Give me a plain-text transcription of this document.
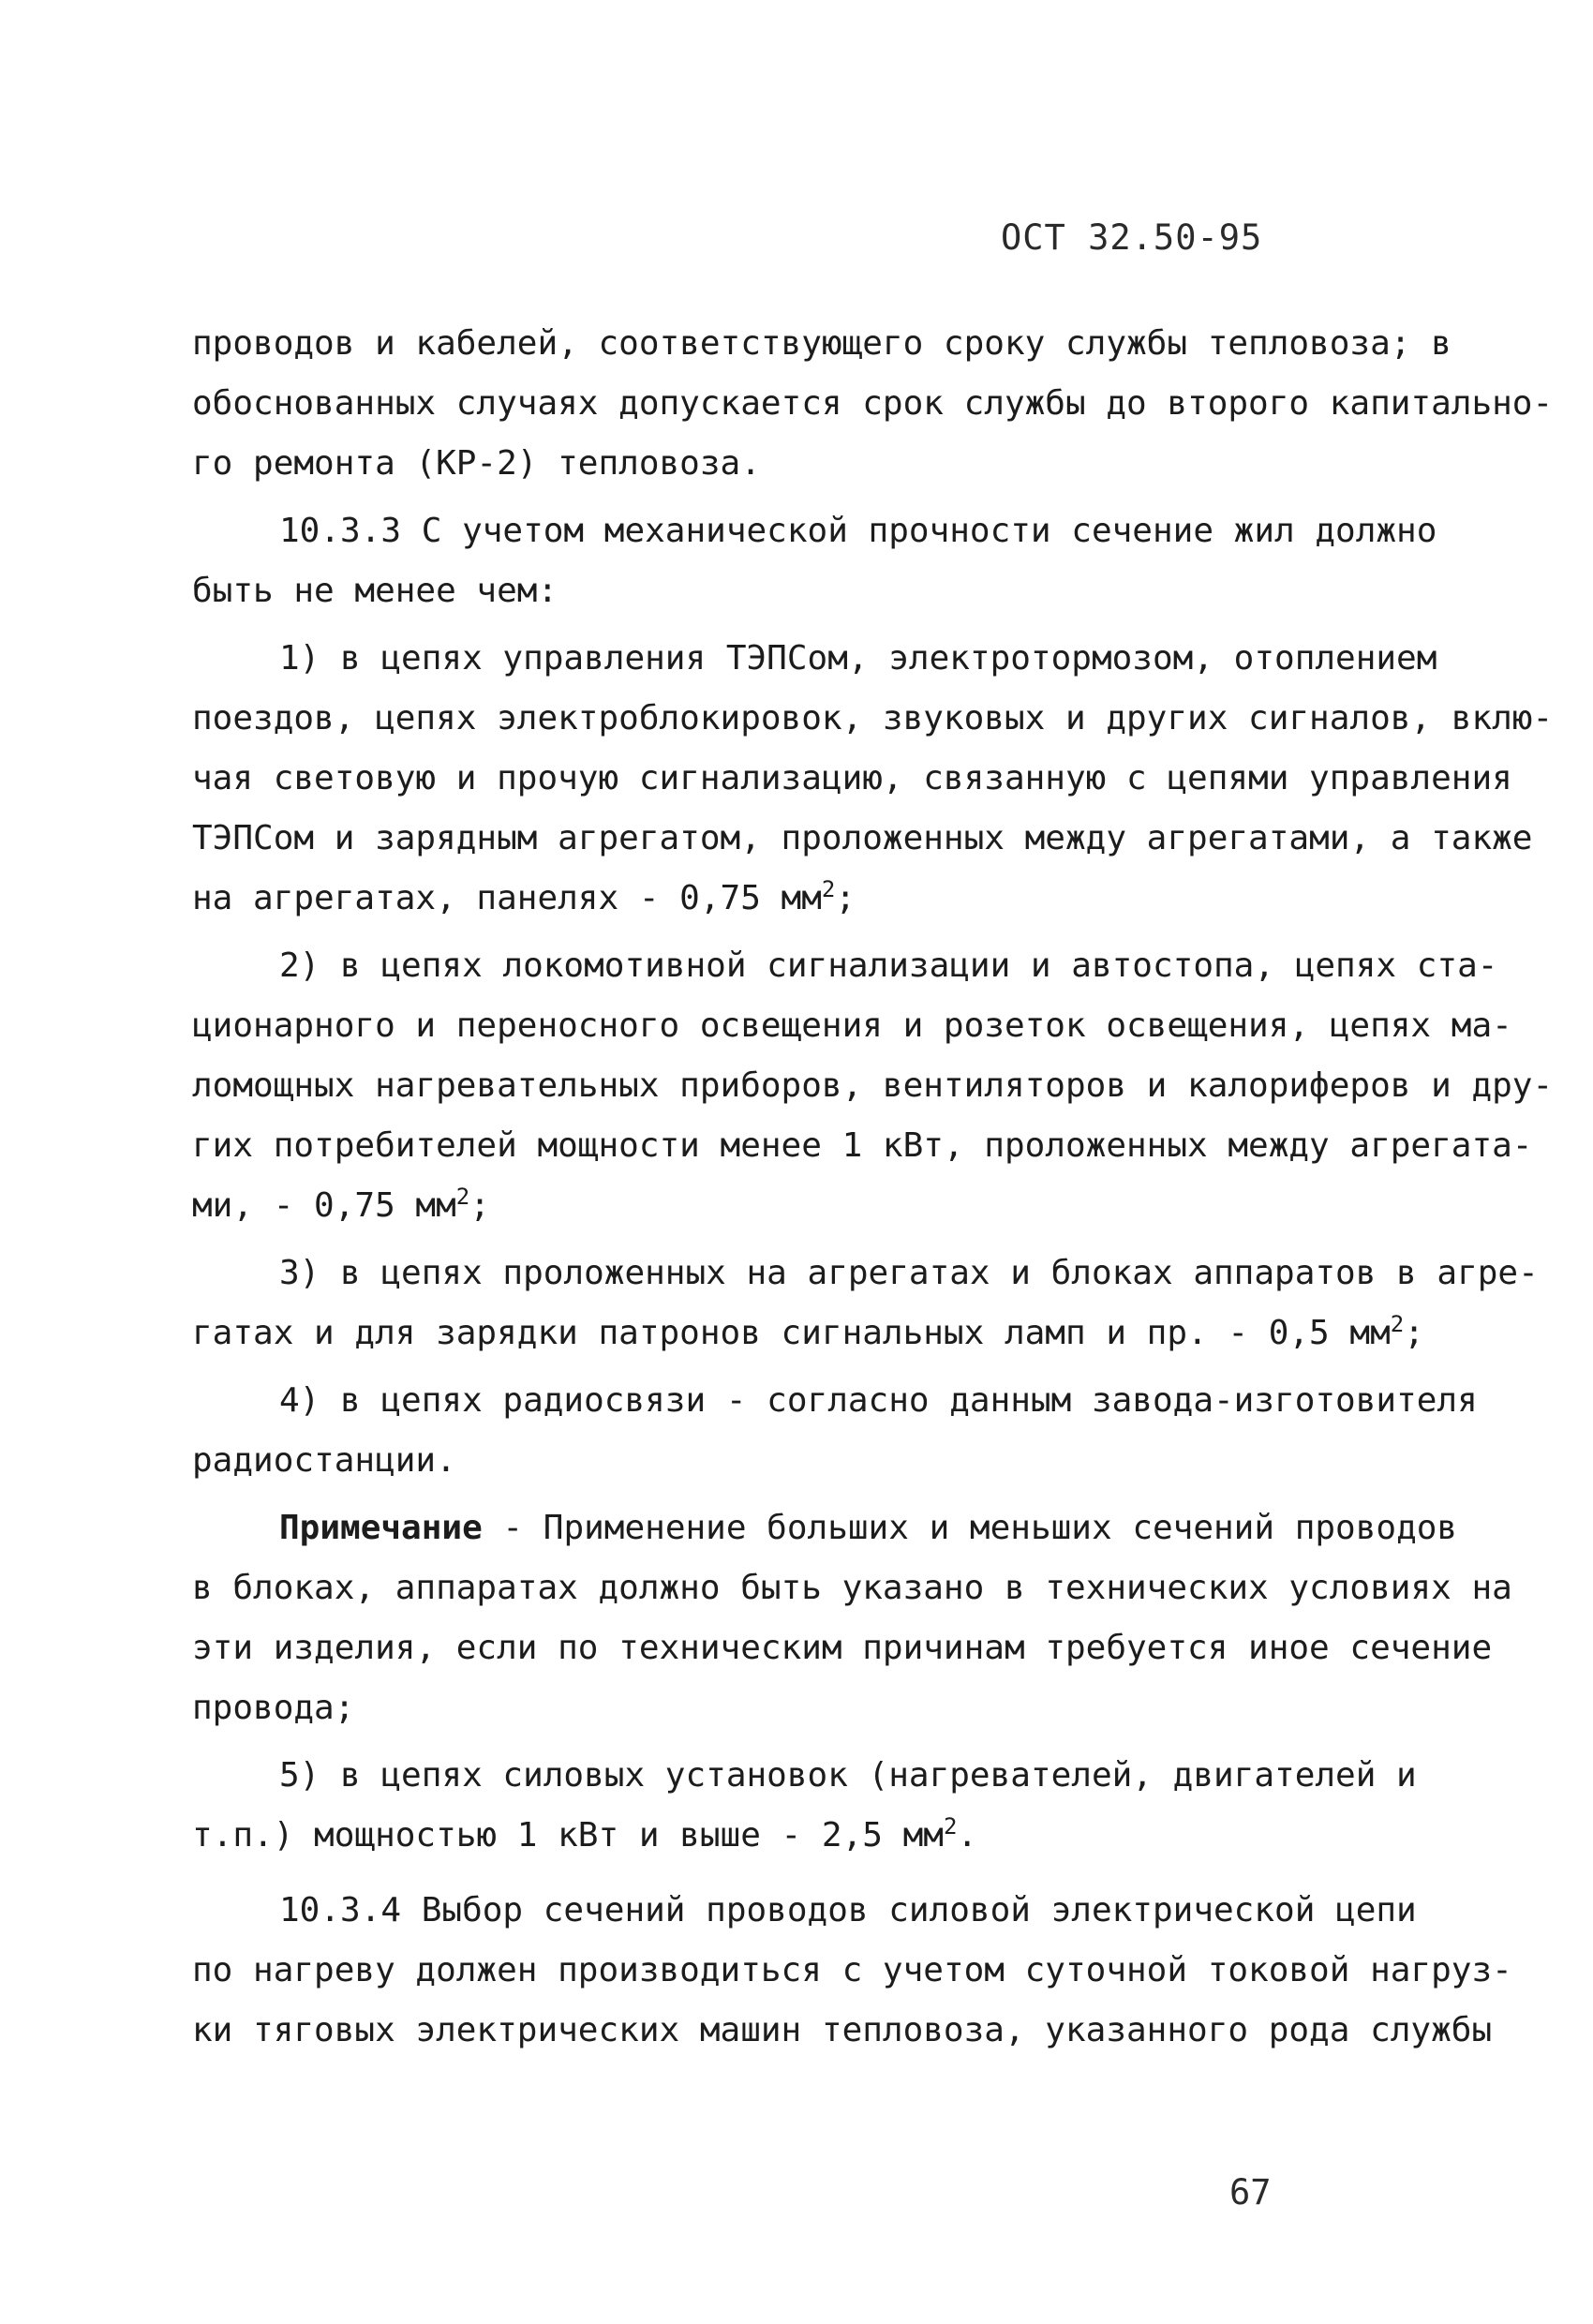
ОСТ 32.50-95
проводов и кабелей, соответствующего сроку службы тепловоза; в
обоснованных случаях допускается срок службы до второго капитально-
го ремонта (КР-2) тепловоза.
10.3.3 С учетом механической прочности сечение жил должно
быть не менее чем:
1) в цепях управления ТЭПСом, электротормозом, отоплением
поездов, цепях электроблокировок, звуковых и других сигналов, вклю-
чая световую и прочую сигнализацию, связанную с цепями управления
ТЭПСом и зарядным агрегатом, проложенных между агрегатами, а также
на агрегатах, панелях - 0,75 $мм^2$;
2) в цепях локомотивной сигнализации и автостопа, цепях ста-
ционарного и переносного освещения и розеток освещения, цепях ма-
ломощных нагревательных приборов, вентиляторов и калориферов и дру-
гих потребителей мощности менее 1 кВт, проложенных между агрегата-
ми, - 0,75 $мм^2$;
3) в цепях проложенных на агрегатах и блоках аппаратов в агре-
гатах и для зарядки патронов сигнальных ламп и пр. - 0,5 $мм^2$;
4) в цепях радиосвязи - согласно данным завода-изготовителя
радиостанции.
Примечание - Применение больших и меньших сечений проводов
в блоках, аппаратах должно быть указано в технических условиях на
эти изделия, если по техническим причинам требуется иное сечение
провода;
5) в цепях силовых установок (нагревателей, двигателей и
т.п.) мощностью 1 кВт и выше - 2,5 $мм^2$.
10.3.4 Выбор сечений проводов силовой электрической цепи
по нагреву должен производиться с учетом суточной токовой нагруз-
ки тяговых электрических машин тепловоза, указанного рода службы
67
